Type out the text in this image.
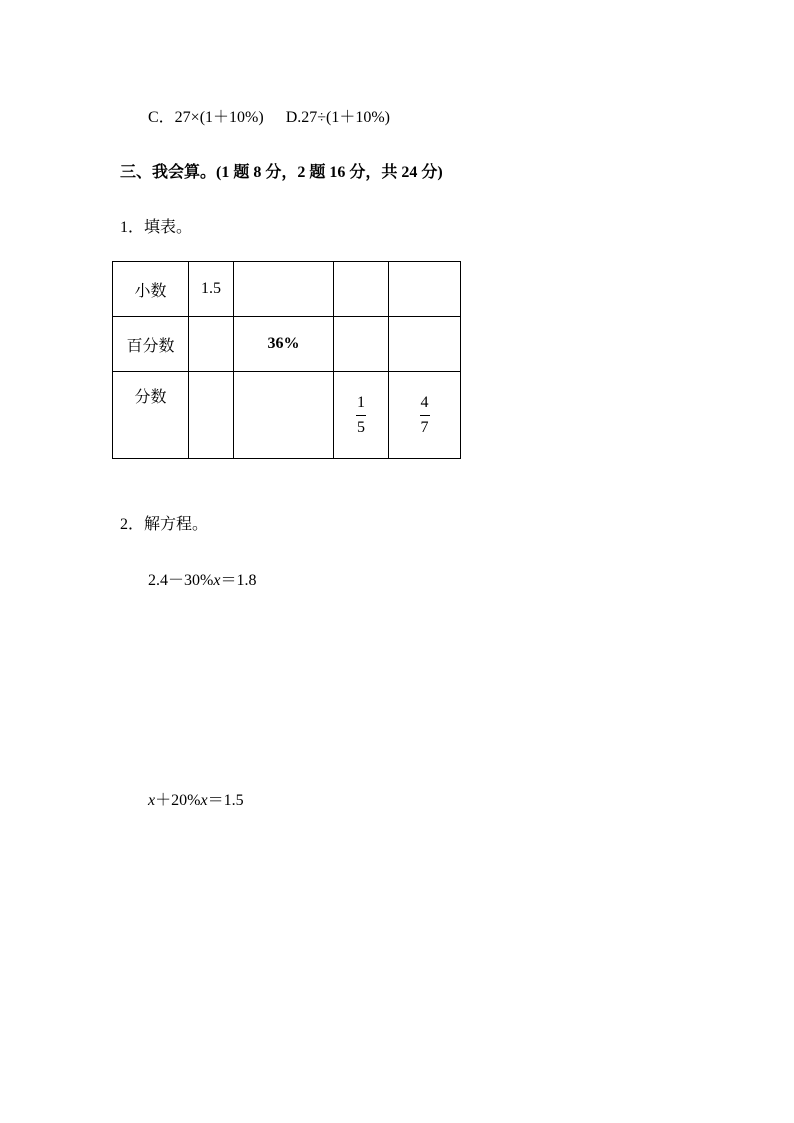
C．27×(1＋10%) D.27÷(1＋10%)
三、我会算。(1 题 8 分，2 题 16 分，共 24 分)
1．填表。
小数	1.5			
百分数		36%		
分数			$\frac{1}{5}$	$\frac{4}{7}$
2．解方程。
2.4－30%x＝1.8
x＋20%x＝1.5
